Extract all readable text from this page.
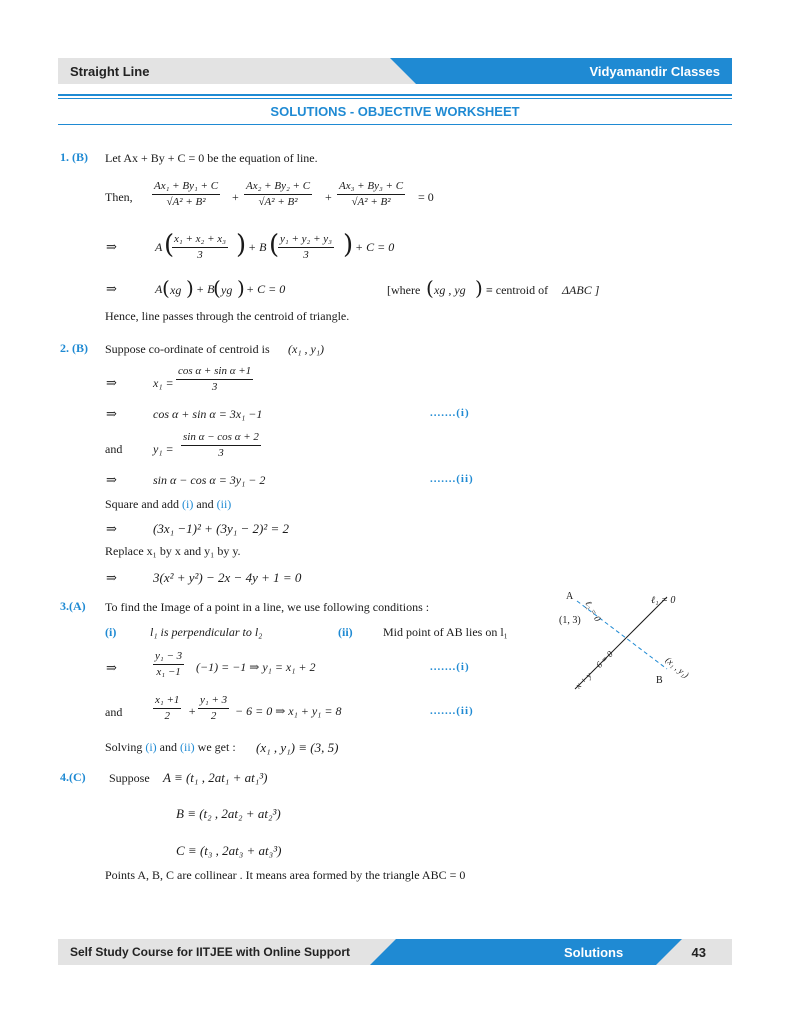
Straight Line	Vidyamandir Classes
SOLUTIONS - OBJECTIVE WORKSHEET
1. (B) Let Ax + By + C = 0 be the equation of line.
Then, $\frac{\text{Ax₁ + By₁ + C}}{\text{√A² + B²}} + \frac{\text{Ax₂ + By₂ + C}}{\text{√A² + B²}} + \frac{\text{Ax₃ + By₃ + C}}{\text{√A² + B²}} = 0$
⇒	A (
$\frac{\text{x₁ + x₂ + x₃}}{3}$ ) + B (
$\frac{\text{y₁ + y₂ + y₃}}{3}$ ) + C = 0
⇒	A ( xg ) + B
( yg ) + C = 0	[where ( xg , yg ) ≡ centroid of ΔABC ]
Hence, line passes through the centroid of triangle.
2. (B) Suppose co-ordinate of centroid is (x₁ , y₁)
⇒	$x_1 = \frac{\text{cos α + sin α +1}}{3}$
⇒	cos α + sin α = 3x₁ −1	.......(i)
and	$y_1 = \frac{\text{sin α − cos α + 2}}{3}$
⇒	sin α − cos α = 3y₁ − 2	.......(ii)
Square and add (i) and (ii)
⇒	(3x₁ −1)² + (3y₁ − 2)² = 2
Replace x₁ by x and y₁ by y.
⇒	3(x² + y²) − 2x − 4y + 1 = 0
3.(A) To find the Image of a point in a line, we use following conditions :
(i)	l₁ is perpendicular to l₂	(ii)	Mid point of AB lies on l₁
⇒	$\frac{\text{y₁ − 3}}{\text{x₁ −1}} (-1) = -1$ ⇒ y₁ = x₁ + 2	.......(i)
and	$\frac{\text{x₁ +1}}{2} + \frac{\text{y₁ + 3}}{2} - 6 = 0$ ⇒ x₁ + y₁ = 8	.......(ii)
Solving (i) and (ii) we get : (x₁ , y₁) ≡ (3, 5)
A	ℓ₁ = 0
ℓ₂ = 0
(1, 3)
x + y − 6 = 0	B
(x₁ , y₁)
4.(C) Suppose A ≡ (t₁ , 2at₁ + at₁³)
B ≡ (t₂ , 2at₂ + at₂³)
C ≡ (t₃ , 2at₃ + at₃³)
Points A, B, C are collinear . It means area formed by the triangle ABC = 0
Self Study Course for IITJEE with Online Support	Solutions	43
